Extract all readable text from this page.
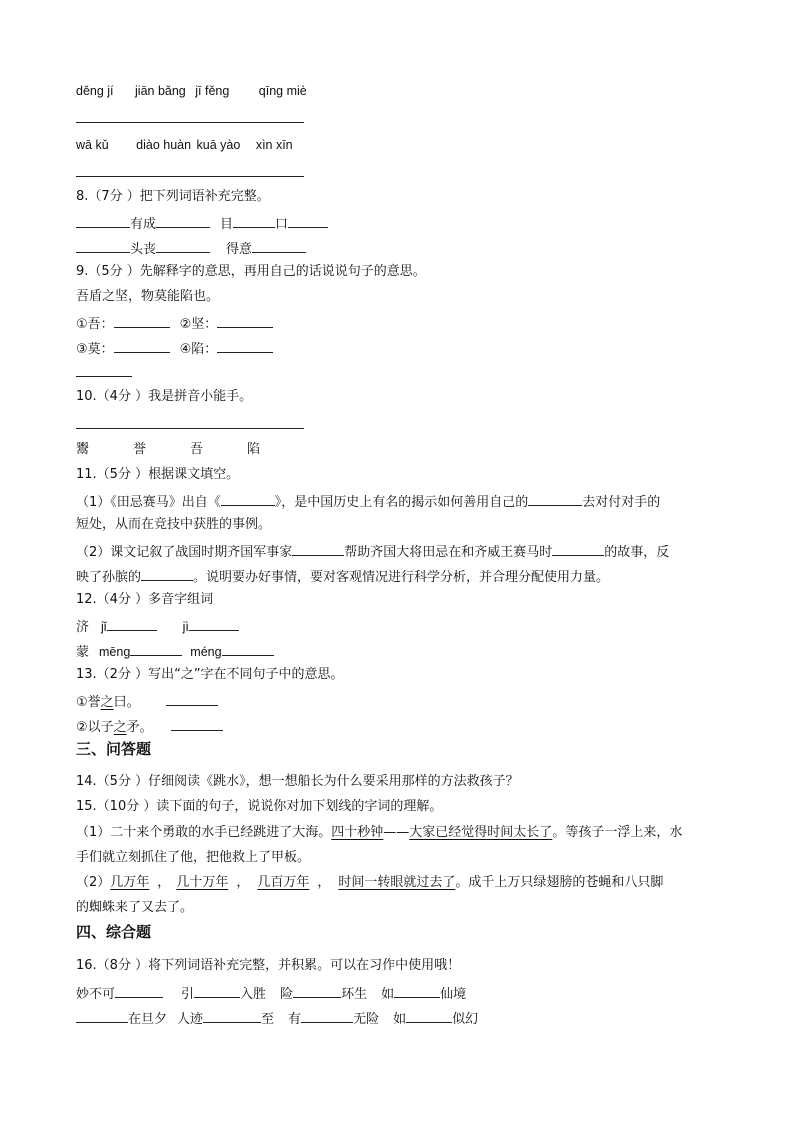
děng jí jiān bǎng jī fěng qīng miè
wā kǔ diào huàn kuā yào xìn xīn
8.（7分 ）把下列词语补充完整。
有成	目	口
头丧	得意
9.（5分 ）先解释字的意思，再用自己的话说说句子的意思。
吾盾之坚，物莫能陷也。
①吾：	②坚：
③莫：	④陷：
10.（4分 ）我是拼音小能手。
鬻	誉	吾	陷
11.（5分 ）根据课文填空。
（1）《田忌赛马》出自《	》，是中国历史上有名的揭示如何善用自己的	去对付对手的
短处，从而在竞技中获胜的事例。
（2）课文记叙了战国时期齐国军事家	帮助齐国大将田忌在和齐威王赛马时	的故事，反
映了孙膑的	。说明要办好事情，要对客观情况进行科学分析，并合理分配使用力量。
12.（4分 ）多音字组词
济 jǐ	jì
蒙 mēng	méng
13.（2分 ）写出“之”字在不同句子中的意思。
①誉之曰。
②以子之矛。
三、问答题
14.（5分 ）仔细阅读《跳水》，想一想船长为什么要采用那样的方法救孩子？
15.（10分 ）读下面的句子，说说你对加下划线的字词的理解。
（1）二十来个勇敢的水手已经跳进了大海。四十秒钟——大家已经觉得时间太长了。等孩子一浮上来，水
手们就立刻抓住了他，把他救上了甲板。
（2）几万年 ， 几十万年 ， 几百万年 ， 时间一转眼就过去了。成千上万只绿翅膀的苍蝇和八只脚
的蜘蛛来了又去了。
四、综合题
16.（8分 ）将下列词语补充完整，并积累。可以在习作中使用哦！
妙不可	引	入胜 险	环生 如	仙境
在旦夕 人迹	至 有	无险 如	似幻
